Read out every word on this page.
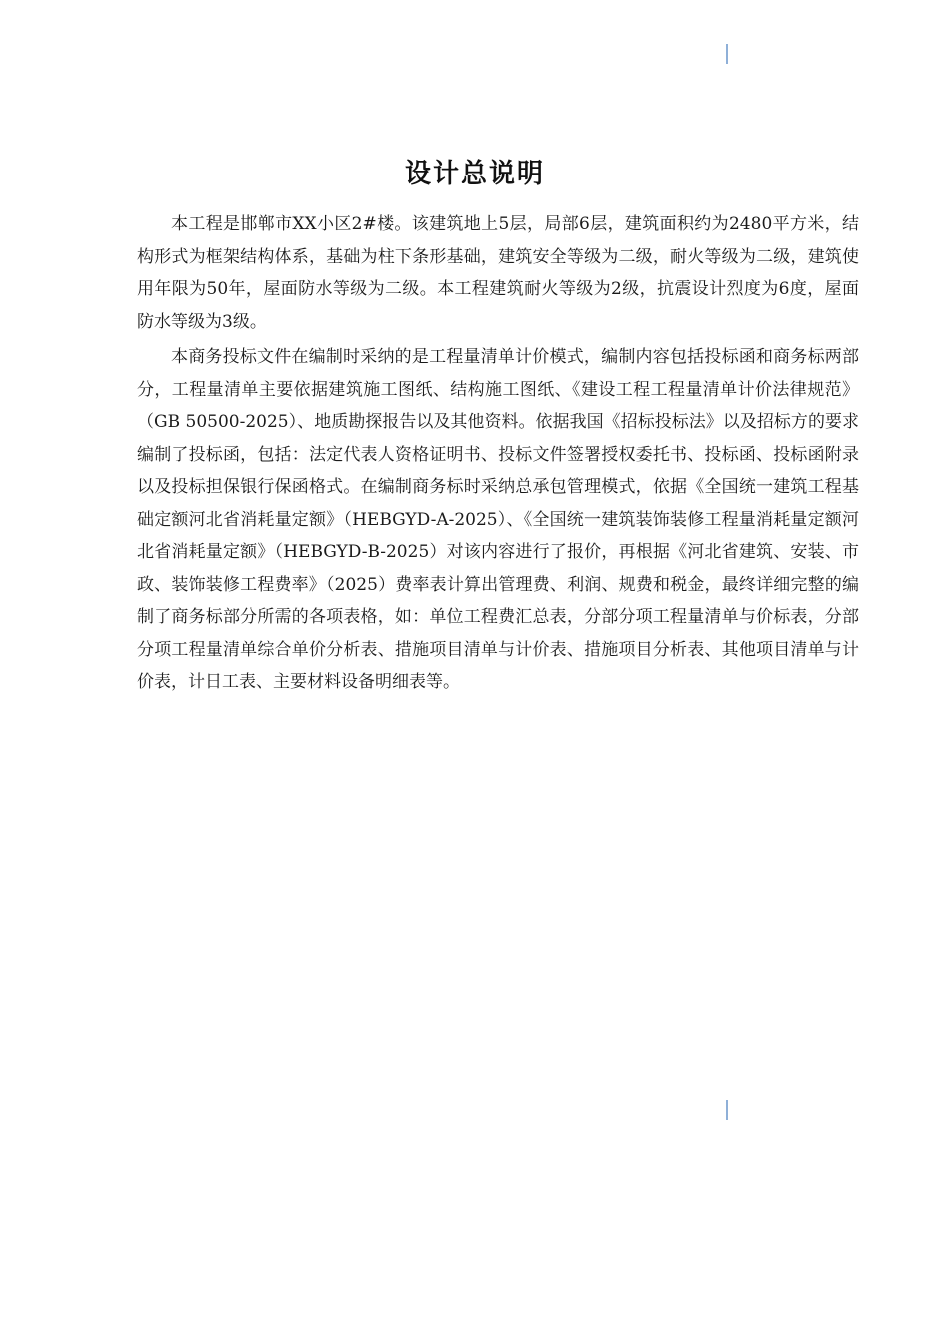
设计总说明

本工程是邯郸市XX小区2#楼。该建筑地上5层，局部6层，建筑面积约为2480平方米，结构形式为框架结构体系，基础为柱下条形基础，建筑安全等级为二级，耐火等级为二级，建筑使用年限为50年，屋面防水等级为二级。本工程建筑耐火等级为2级，抗震设计烈度为6度，屋面防水等级为3级。

本商务投标文件在编制时采纳的是工程量清单计价模式，编制内容包括投标函和商务标两部分，工程量清单主要依据建筑施工图纸、结构施工图纸、《建设工程工程量清单计价法律规范》（GB 50500-2025）、地质勘探报告以及其他资料。依据我国《招标投标法》以及招标方的要求编制了投标函，包括：法定代表人资格证明书、投标文件签署授权委托书、投标函、投标函附录以及投标担保银行保函格式。在编制商务标时采纳总承包管理模式，依据《全国统一建筑工程基础定额河北省消耗量定额》（HEBGYD-A-2025）、《全国统一建筑装饰装修工程量消耗量定额河北省消耗量定额》（HEBGYD-B-2025）对该内容进行了报价，再根据《河北省建筑、安装、市政、装饰装修工程费率》（2025）费率表计算出管理费、利润、规费和税金，最终详细完整的编制了商务标部分所需的各项表格，如：单位工程费汇总表，分部分项工程量清单与价标表，分部分项工程量清单综合单价分析表、措施项目清单与计价表、措施项目分析表、其他项目清单与计价表，计日工表、主要材料设备明细表等。
